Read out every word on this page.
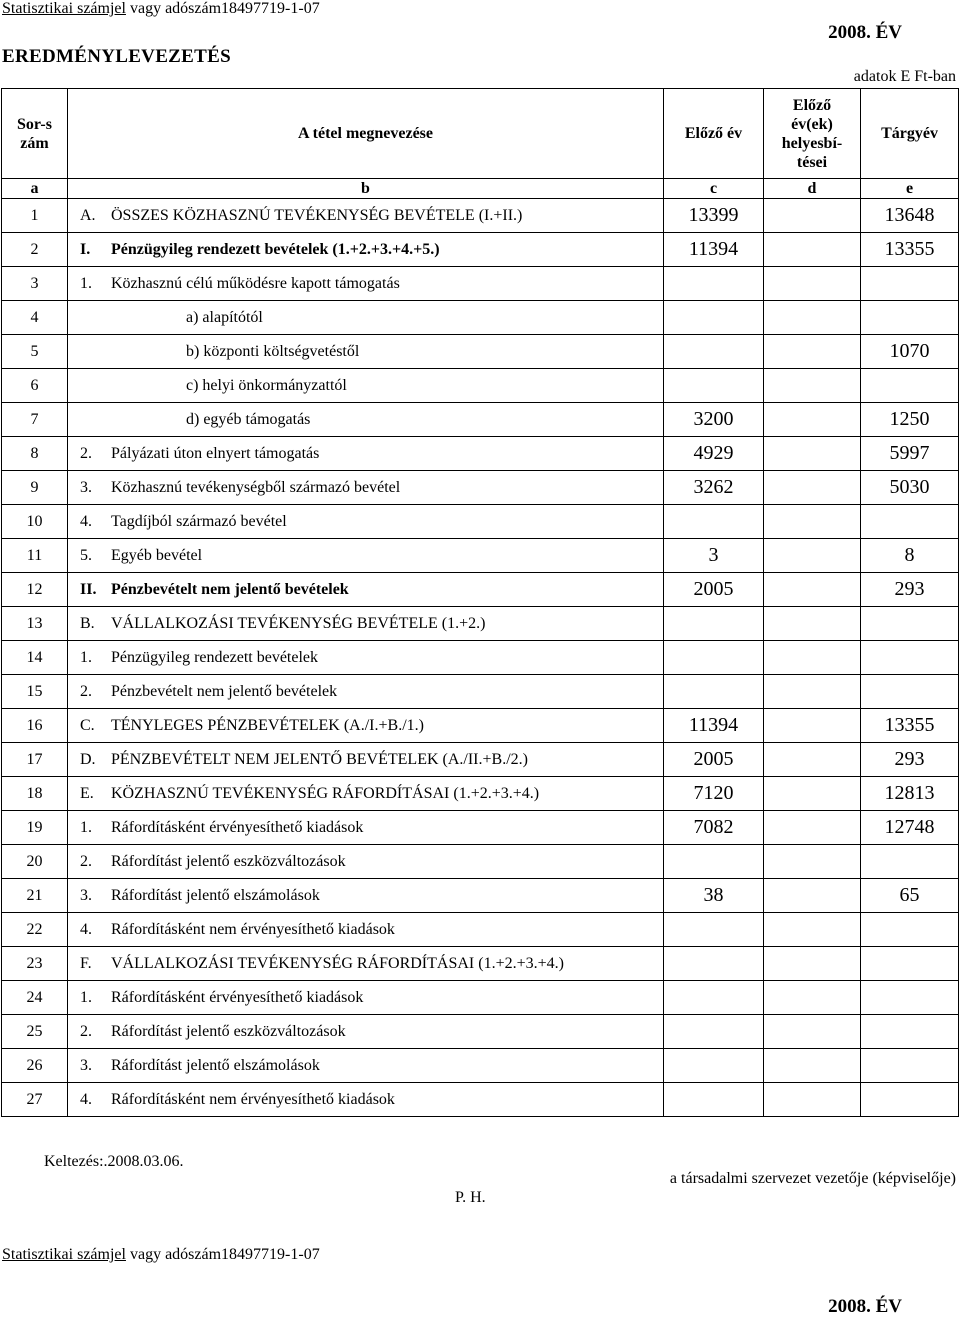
Statisztikai számjel vagy adószám18497719-1-07
2008. ÉV
EREDMÉNYLEVEZETÉS
adatok E Ft-ban
Sor-szám	A tétel megnevezése	Előző év	Előző év(ek) helyesbí-tései	Tárgyév
a	b	c	d	e
1	A. ÖSSZES KÖZHASZNÚ TEVÉKENYSÉG BEVÉTELE (I.+II.)	13399		13648
2	I. Pénzügyileg rendezett bevételek (1.+2.+3.+4.+5.)	11394		13355
3	1. Közhasznú célú működésre kapott támogatás			
4	a) alapítótól			
5	b) központi költségvetéstől			1070
6	c) helyi önkormányzattól			
7	d) egyéb támogatás	3200		1250
8	2. Pályázati úton elnyert támogatás	4929		5997
9	3. Közhasznú tevékenységből származó bevétel	3262		5030
10	4. Tagdíjból származó bevétel			
11	5. Egyéb bevétel	3		8
12	II. Pénzbevételt nem jelentő bevételek	2005		293
13	B. VÁLLALKOZÁSI TEVÉKENYSÉG BEVÉTELE (1.+2.)			
14	1. Pénzügyileg rendezett bevételek			
15	2. Pénzbevételt nem jelentő bevételek			
16	C. TÉNYLEGES PÉNZBEVÉTELEK (A./I.+B./1.)	11394		13355
17	D. PÉNZBEVÉTELT NEM JELENTŐ BEVÉTELEK (A./II.+B./2.)	2005		293
18	E. KÖZHASZNÚ TEVÉKENYSÉG RÁFORDÍTÁSAI (1.+2.+3.+4.)	7120		12813
19	1. Ráfordításként érvényesíthető kiadások	7082		12748
20	2. Ráfordítást jelentő eszközváltozások			
21	3. Ráfordítást jelentő elszámolások	38		65
22	4. Ráfordításként nem érvényesíthető kiadások			
23	F. VÁLLALKOZÁSI TEVÉKENYSÉG RÁFORDÍTÁSAI (1.+2.+3.+4.)			
24	1. Ráfordításként érvényesíthető kiadások			
25	2. Ráfordítást jelentő eszközváltozások			
26	3. Ráfordítást jelentő elszámolások			
27	4. Ráfordításként nem érvényesíthető kiadások			
Keltezés:.2008.03.06.
P. H.
a társadalmi szervezet vezetője (képviselője)
Statisztikai számjel vagy adószám18497719-1-07
2008. ÉV
